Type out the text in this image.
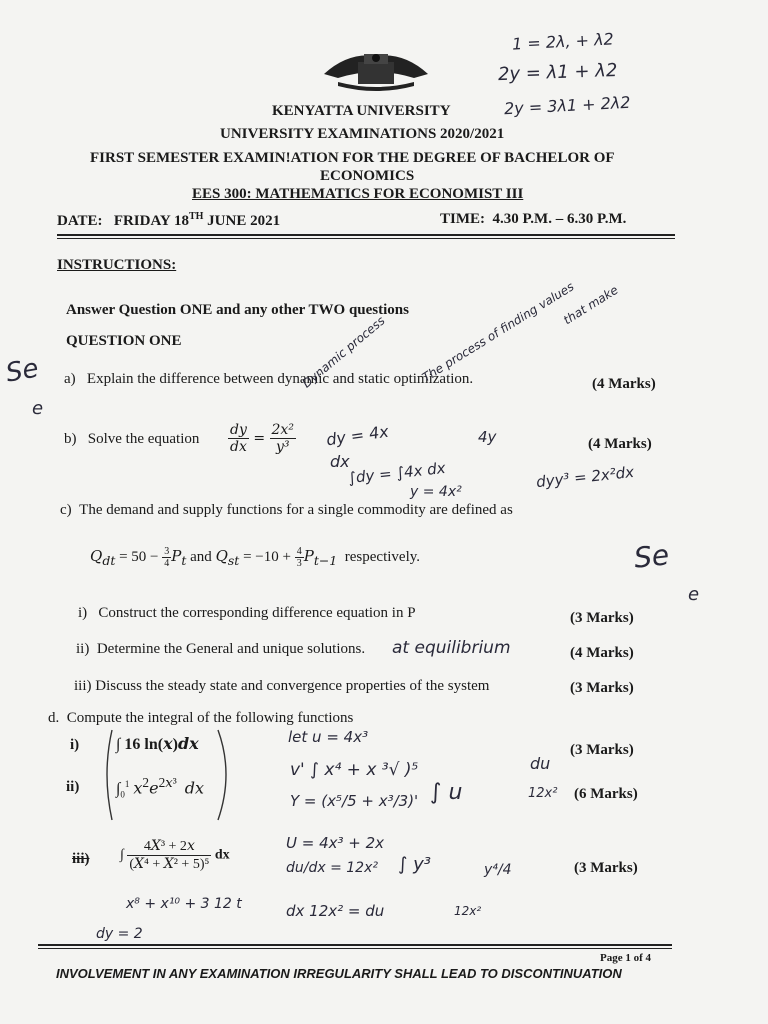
KENYATTA UNIVERSITY
UNIVERSITY EXAMINATIONS 2020/2021
FIRST SEMESTER EXAMIN!ATION FOR THE DEGREE OF BACHELOR OF
ECONOMICS
EES 300: MATHEMATICS FOR ECONOMIST III
DATE: FRIDAY 18TH JUNE 2021	TIME: 4.30 P.M. – 6.30 P.M.
INSTRUCTIONS:
Answer Question ONE and any other TWO questions
QUESTION ONE
a) Explain the difference between dynamic and static optimization.	(4 Marks)
b) Solve the equation $\frac{dy}{dx} = \frac{\text{2x²}}{\text{y³}}$	(4 Marks)
c) The demand and supply functions for a single commodity are defined as
$Q_{dt} = 50 - \frac{3}{4} P_t$ and $Q_{st} = -10 + \frac{4}{3} P_{t-1}$ respectively.
i)   Construct the corresponding difference equation in P	(3 Marks)
ii)  Determine the General and unique solutions.	(4 Marks)
iii) Discuss the steady state and convergence properties of the system	(3 Marks)
d.  Compute the integral of the following functions
i) ∫ 16 ln(x)dx	(3 Marks)
ii) $\int_0^1$ $x^2e^{2x^3}$ dx	(6 Marks)
iii) ∫ $\frac{\text{4X³ + 2x}}{\text{(X⁴ + X² + 5)⁵}}$ dx
(3 Marks)
Page 1 of 4
INVOLVEMENT IN ANY EXAMINATION IRREGULARITY SHALL LEAD TO DISCONTINUATION
1 = 2λ, + λ2
2y = λ1 + λ2
2y = 3λ1 + 2λ2
The process of finding values
that make
Dynamic process
Se
e
dy = 4x
dx
∫dy = ∫4x dx
y = 4x²
4y
dyy³ = 2x²dx
Se
e
at equilibrium
let u = 4x³
v' ∫ x⁴ + x ³√ )⁵
Y = (x⁵/5 + x³/3)' ∫ u
du
12x²
U = 4x³ + 2x
du/dx = 12x²
dx 12x² = du
∫ y³	y⁴/4
12x²
x⁸ + x¹⁰ + 3 12 t
dy = 2
